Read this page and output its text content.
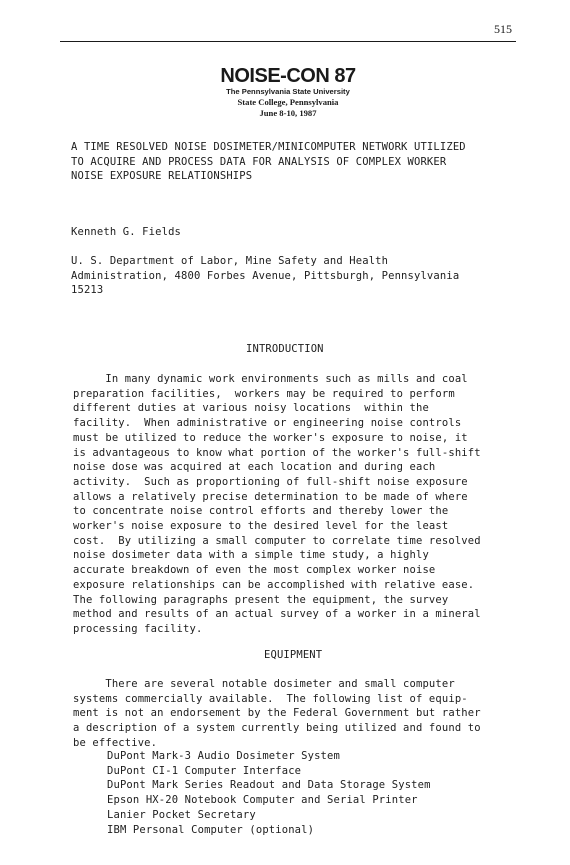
515
NOISE-CON 87
The Pennsylvania State University
State College, Pennsylvania
June 8-10, 1987
A TIME RESOLVED NOISE DOSIMETER/MINICOMPUTER NETWORK UTILIZED
TO ACQUIRE AND PROCESS DATA FOR ANALYSIS OF COMPLEX WORKER
NOISE EXPOSURE RELATIONSHIPS
Kenneth G. Fields
U. S. Department of Labor, Mine Safety and Health
Administration, 4800 Forbes Avenue, Pittsburgh, Pennsylvania
15213
INTRODUCTION
In many dynamic work environments such as mills and coal
preparation facilities,  workers may be required to perform
different duties at various noisy locations  within the
facility.  When administrative or engineering noise controls
must be utilized to reduce the worker's exposure to noise, it
is advantageous to know what portion of the worker's full-shift
noise dose was acquired at each location and during each
activity.  Such as proportioning of full-shift noise exposure
allows a relatively precise determination to be made of where
to concentrate noise control efforts and thereby lower the
worker's noise exposure to the desired level for the least
cost.  By utilizing a small computer to correlate time resolved
noise dosimeter data with a simple time study, a highly
accurate breakdown of even the most complex worker noise
exposure relationships can be accomplished with relative ease.
The following paragraphs present the equipment, the survey
method and results of an actual survey of a worker in a mineral
processing facility.
EQUIPMENT
There are several notable dosimeter and small computer
systems commercially available.  The following list of equip-
ment is not an endorsement by the Federal Government but rather
a description of a system currently being utilized and found to
be effective.
DuPont Mark-3 Audio Dosimeter System
DuPont CI-1 Computer Interface
DuPont Mark Series Readout and Data Storage System
Epson HX-20 Notebook Computer and Serial Printer
Lanier Pocket Secretary
IBM Personal Computer (optional)
